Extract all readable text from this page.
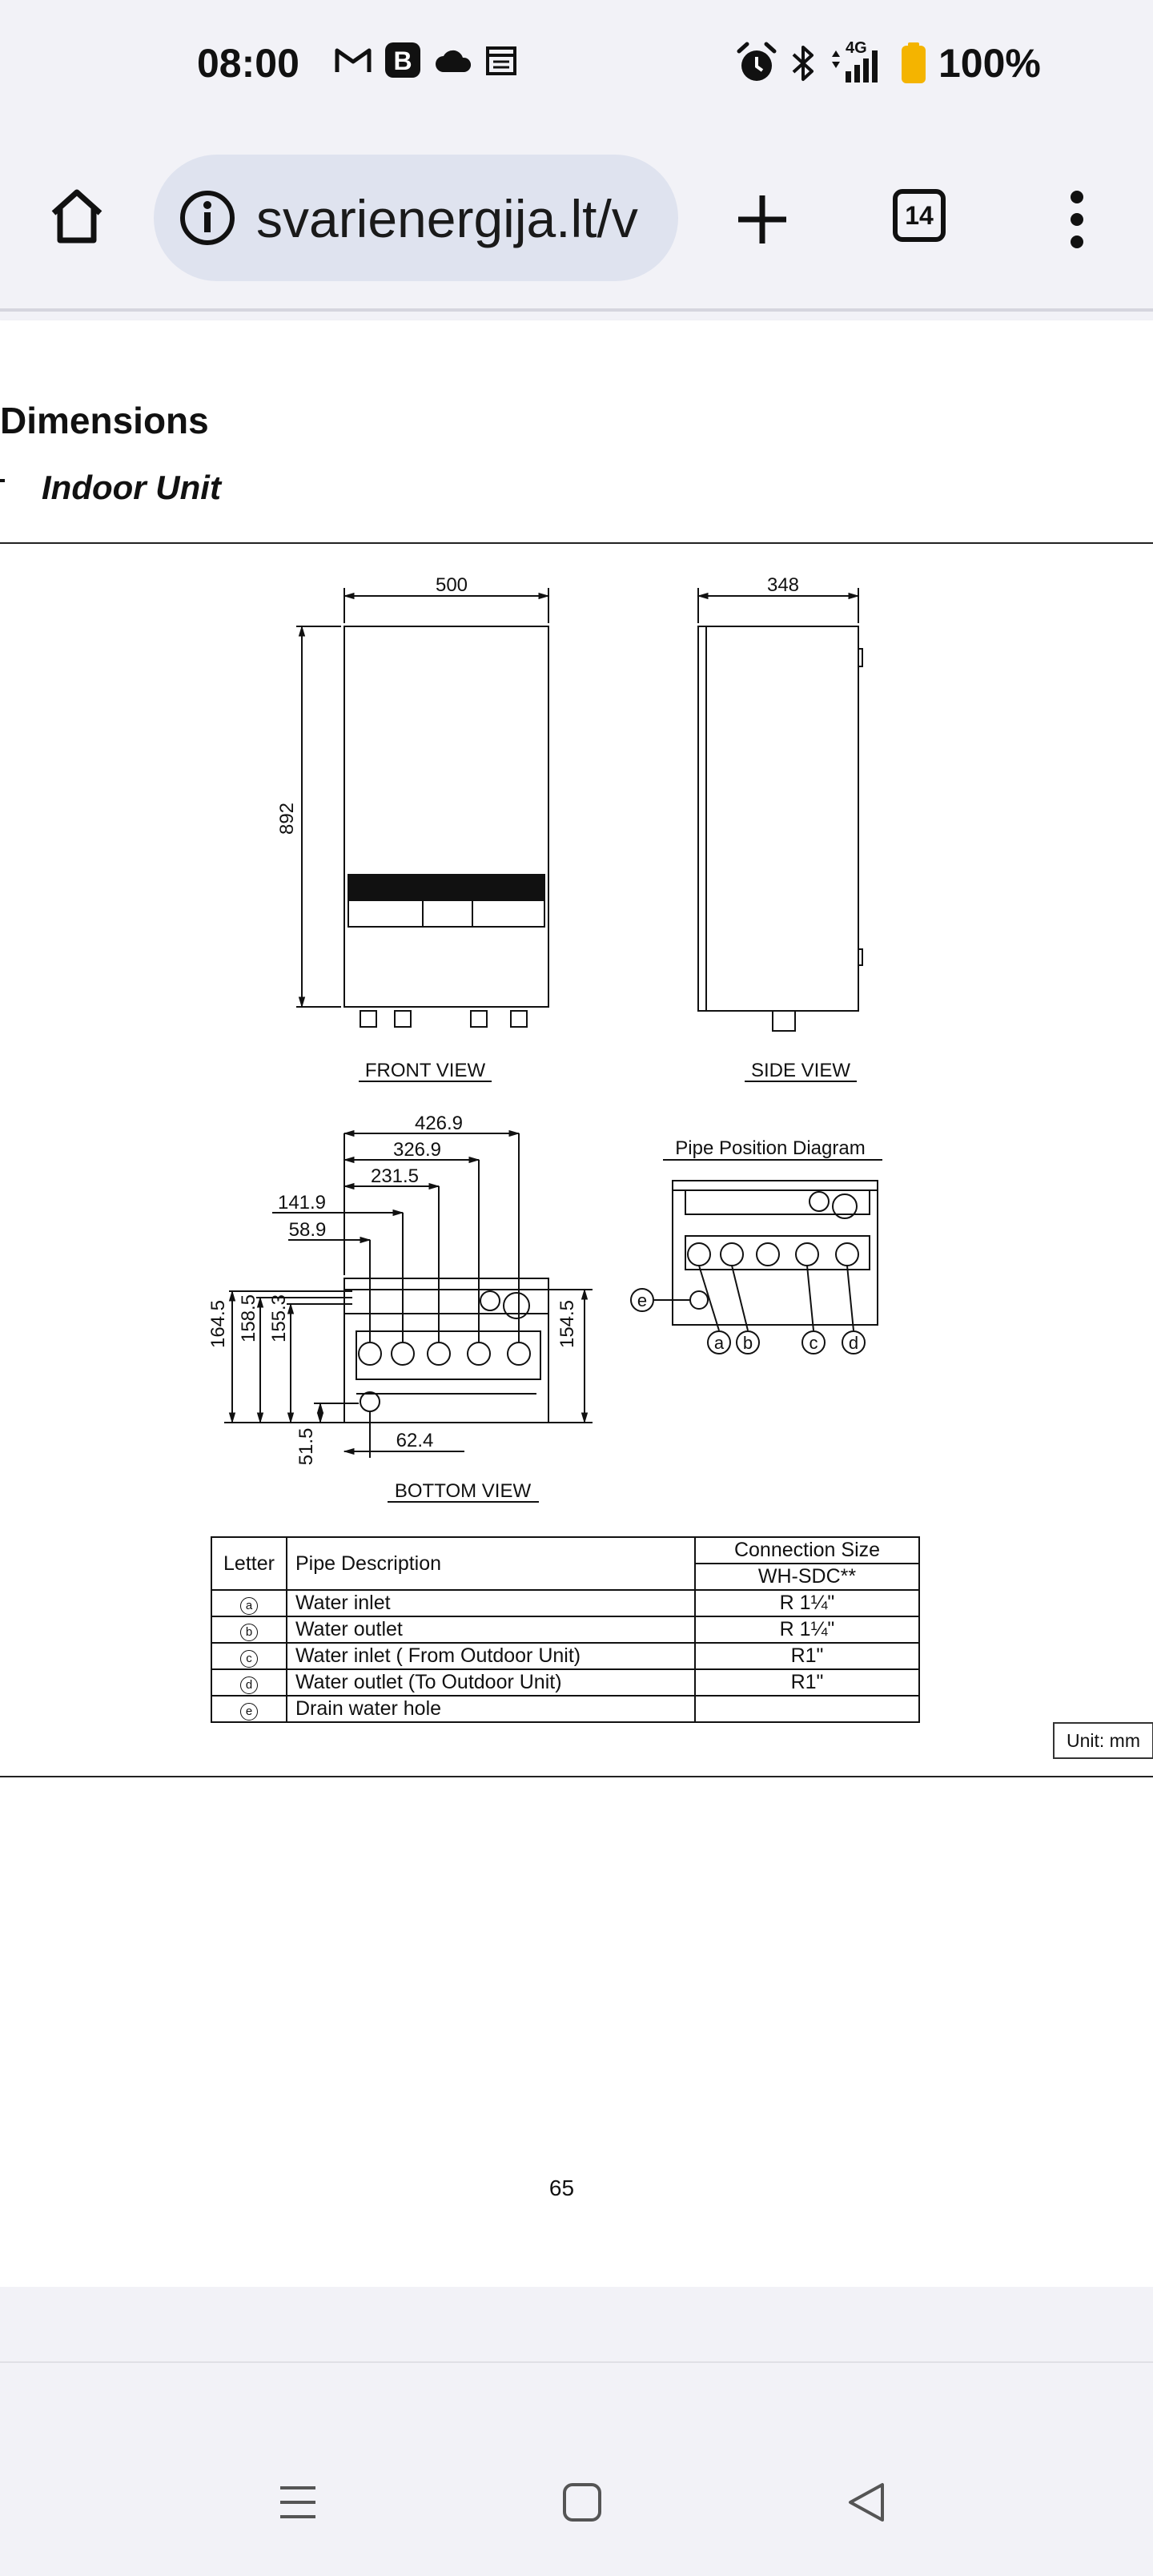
08:00	B	4G 100%
svarienergija.lt/v	14
Dimensions
Indoor Unit
a b	c d
e
500	348
892
FRONT VIEW	SIDE VIEW
BOTTOM VIEW
Pipe Position Diagram
426.9
326.9
231.5
141.9
58.9
164.5 158.5 155.3	154.5
51.5	62.4
Letter	Pipe Description	Connection Size
		WH-SDC**
a	Water inlet	R 1¼"
b	Water outlet	R 1¼"
c	Water inlet ( From Outdoor Unit)	R1"
d	Water outlet (To Outdoor Unit)	R1"
e	Drain water hole	
Unit: mm
65
